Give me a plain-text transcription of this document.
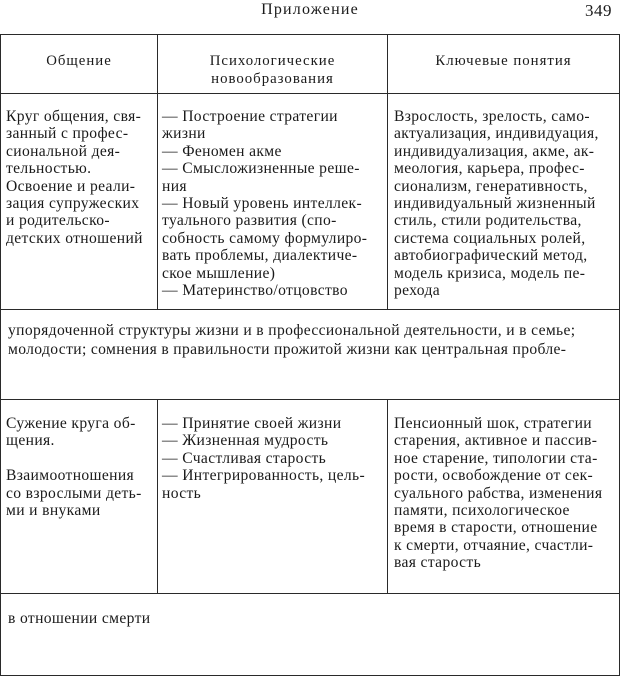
Приложение	349
Общение	Психологические
новообразования
Ключевые понятия
Круг общения, свя-
занный с профес-
сиональной дея-
тельностью.
Освоение и реали-
зация супружеских
и родительско-
детских отношений
— Построение стратегии
жизни
— Феномен акме
— Смысложизненные реше-
ния
— Новый уровень интеллек-
туального развития (спо-
собность самому формулиро-
вать проблемы, диалектиче-
ское мышление)
— Материнство/отцовство
Взрослость, зрелость, само-
актуализация, индивидуация,
индивидуализация, акме, ак-
меология, карьера, профес-
сионализм, генеративность,
индивидуальный жизненный
стиль, стили родительства,
система социальных ролей,
автобиографический метод,
модель кризиса, модель пе-
рехода
упорядоченной структуры жизни и в профессиональной деятельности, и в семье;
молодости; сомнения в правильности прожитой жизни как центральная пробле-
Сужение круга об-
щения.

Взаимоотношения
со взрослыми деть-
ми и внуками
— Принятие своей жизни
— Жизненная мудрость
— Счастливая старость
— Интегрированность, цель-
ность
Пенсионный шок, стратегии
старения, активное и пассив-
ное старение, типологии ста-
рости, освобождение от сек-
суального рабства, изменения
памяти, психологическое
время в старости, отношение
к смерти, отчаяние, счастли-
вая старость
в отношении смерти
